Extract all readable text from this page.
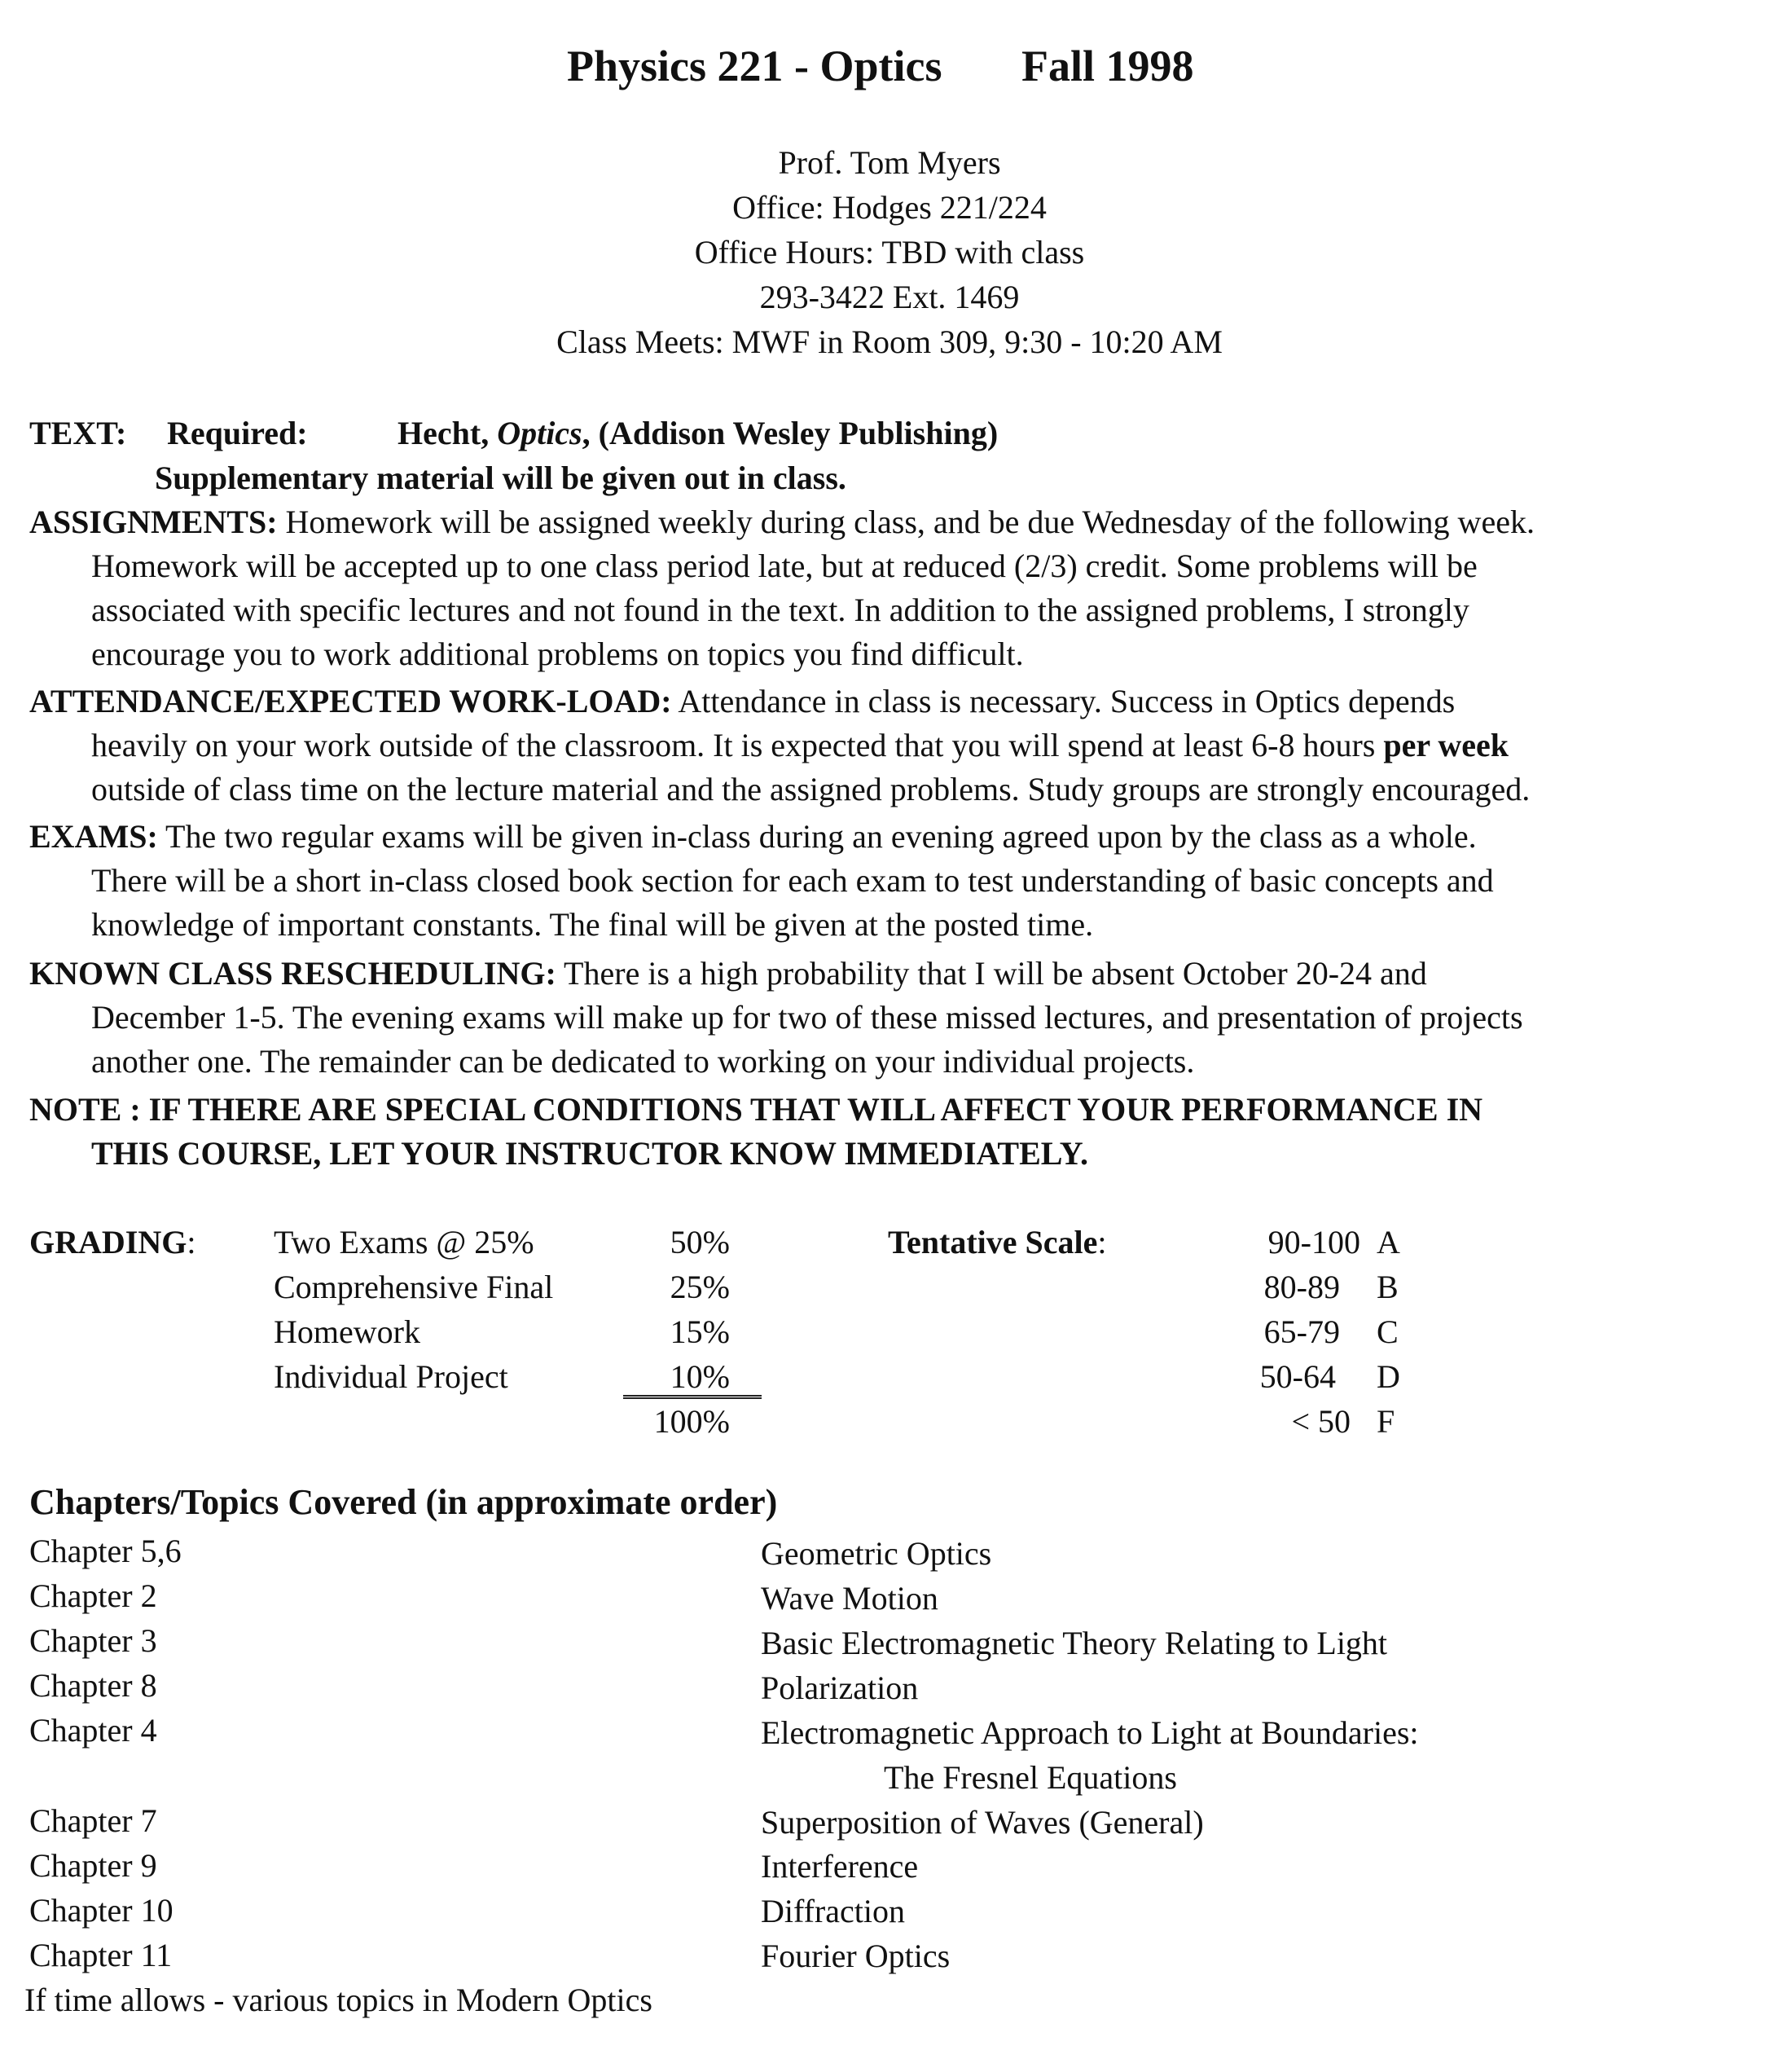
Physics 221 - Optics Fall 1998
Prof. Tom Myers
Office: Hodges 221/224
Office Hours: TBD with class
293-3422 Ext. 1469
Class Meets: MWF in Room 309, 9:30 - 10:20 AM
TEXT: Required:	Hecht, Optics, (Addison Wesley Publishing)
Supplementary material will be given out in class.
ASSIGNMENTS: Homework will be assigned weekly during class, and be due Wednesday of the following week.
Homework will be accepted up to one class period late, but at reduced (2/3) credit. Some problems will be
associated with specific lectures and not found in the text. In addition to the assigned problems, I strongly
encourage you to work additional problems on topics you find difficult.
ATTENDANCE/EXPECTED WORK-LOAD: Attendance in class is necessary. Success in Optics depends
heavily on your work outside of the classroom. It is expected that you will spend at least 6-8 hours per week
outside of class time on the lecture material and the assigned problems. Study groups are strongly encouraged.
EXAMS: The two regular exams will be given in-class during an evening agreed upon by the class as a whole.
There will be a short in-class closed book section for each exam to test understanding of basic concepts and
knowledge of important constants. The final will be given at the posted time.
KNOWN CLASS RESCHEDULING: There is a high probability that I will be absent October 20-24 and
December 1-5. The evening exams will make up for two of these missed lectures, and presentation of projects
another one. The remainder can be dedicated to working on your individual projects.
NOTE : IF THERE ARE SPECIAL CONDITIONS THAT WILL AFFECT YOUR PERFORMANCE IN
THIS COURSE, LET YOUR INSTRUCTOR KNOW IMMEDIATELY.
GRADING: Two Exams @ 25%	50%
Comprehensive Final	25%
Homework	15%
Individual Project	10%
100%
Tentative Scale:	90-100 A
80-89 B
65-79 C
50-64 D
< 50 F
Chapters/Topics Covered (in approximate order)
Chapter 5,6	Geometric Optics
Chapter 2	Wave Motion
Chapter 3	Basic Electromagnetic Theory Relating to Light
Chapter 8	Polarization
Chapter 4	Electromagnetic Approach to Light at Boundaries:
The Fresnel Equations
Chapter 7	Superposition of Waves (General)
Chapter 9	Interference
Chapter 10	Diffraction
Chapter 11	Fourier Optics
If time allows - various topics in Modern Optics
